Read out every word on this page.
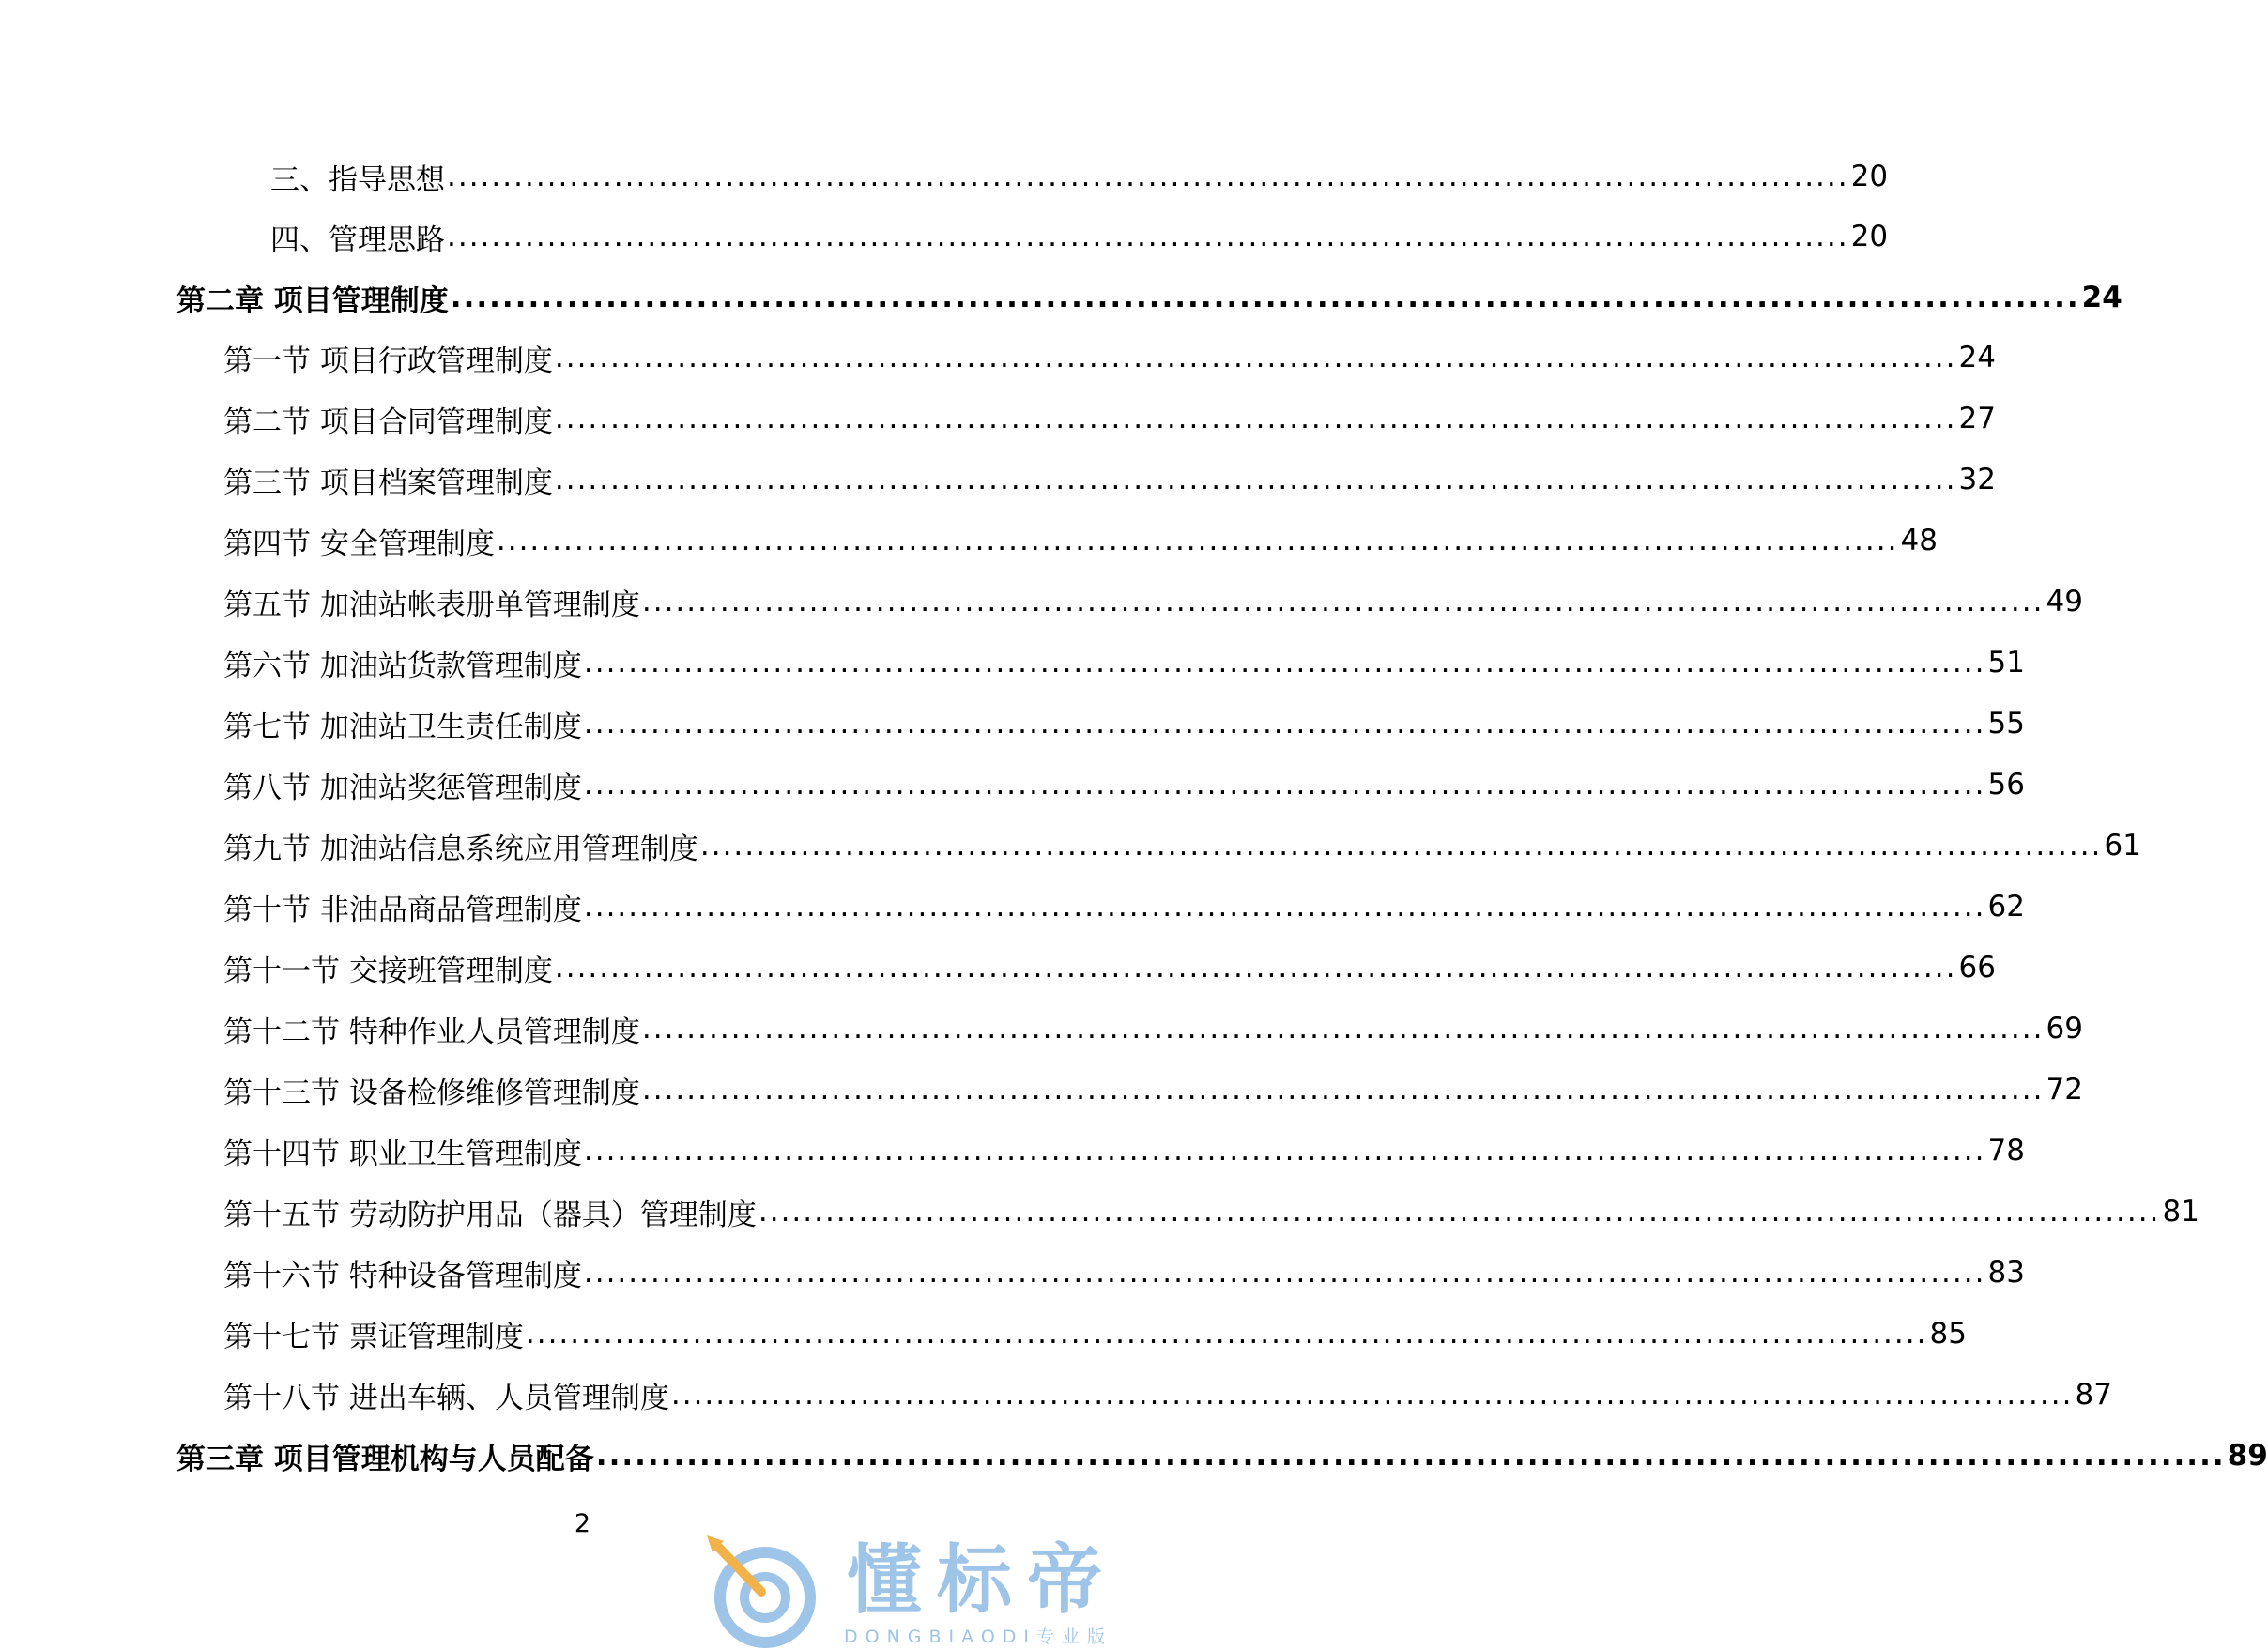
三、指导思想 .............................................................................................................................. 20
四、管理思路 .............................................................................................................................. 20
第二章 项目管理制度 .............................................................................................................................. 24
第一节 项目行政管理制度 .............................................................................................................................. 24
第二节 项目合同管理制度 .............................................................................................................................. 27
第三节 项目档案管理制度 .............................................................................................................................. 32
第四节 安全管理制度 .............................................................................................................................. 48
第五节 加油站帐表册单管理制度 .............................................................................................................................. 49
第六节 加油站货款管理制度 .............................................................................................................................. 51
第七节 加油站卫生责任制度 .............................................................................................................................. 55
第八节 加油站奖惩管理制度 .............................................................................................................................. 56
第九节 加油站信息系统应用管理制度 .............................................................................................................................. 61
第十节 非油品商品管理制度 .............................................................................................................................. 62
第十一节 交接班管理制度 .............................................................................................................................. 66
第十二节 特种作业人员管理制度 .............................................................................................................................. 69
第十三节 设备检修维修管理制度 .............................................................................................................................. 72
第十四节 职业卫生管理制度 .............................................................................................................................. 78
第十五节 劳动防护用品（器具）管理制度 .............................................................................................................................. 81
第十六节 特种设备管理制度 .............................................................................................................................. 83
第十七节 票证管理制度 .............................................................................................................................. 85
第十八节 进出车辆、人员管理制度 .............................................................................................................................. 87
第三章 项目管理机构与人员配备 .............................................................................................................................. 89
2
懂标帝
DONGBIAODI专业版
